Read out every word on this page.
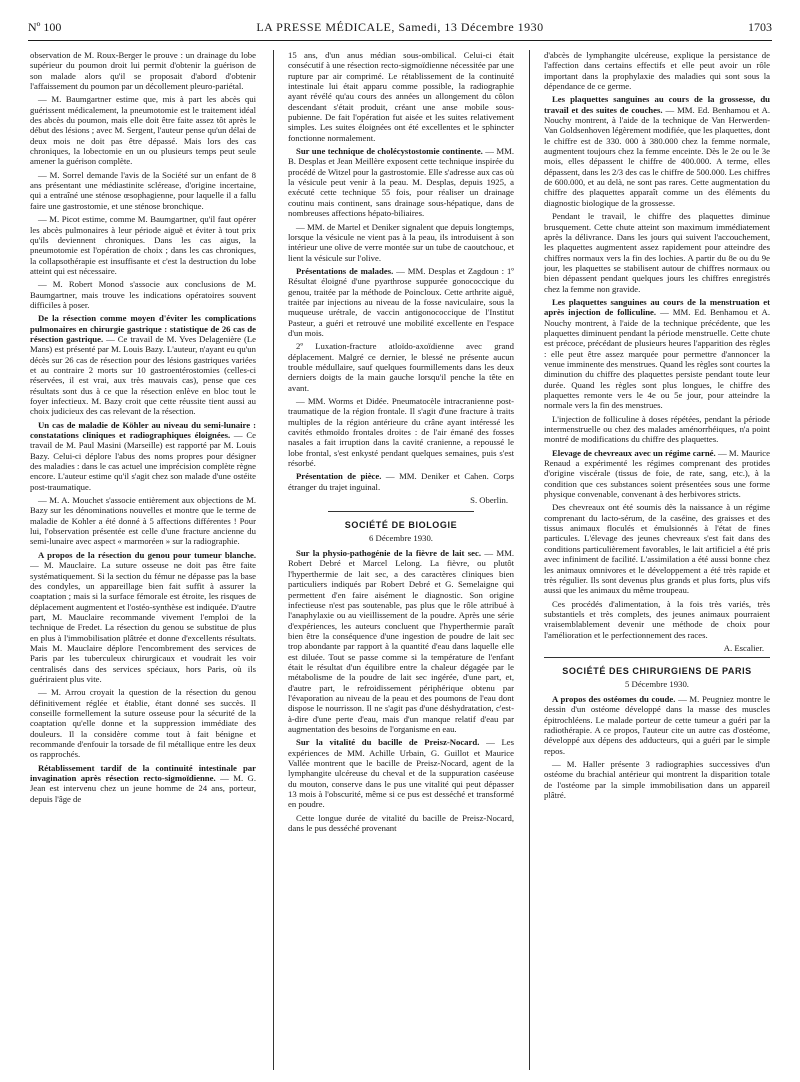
Nº 100	LA PRESSE MÉDICALE, Samedi, 13 Décembre 1930	1703

observation de M. Roux-Berger le prouve : un drainage du lobe supérieur du poumon droit lui permit d'obtenir la guérison de son malade alors qu'il se proposait d'abord d'obtenir l'affaissement du poumon par un décollement pleuro-pariétal.

— M. Baumgartner estime que, mis à part les abcès qui guérissent médicalement, la pneumotomie est le traitement idéal des abcès du poumon, mais elle doit être faite assez tôt après le début des lésions ; avec M. Sergent, l'auteur pense qu'un délai de deux mois ne doit pas être dépassé. Mais lors des cas chroniques, la lobectomie en un ou plusieurs temps peut seule amener la guérison complète.

— M. Sorrel demande l'avis de la Société sur un enfant de 8 ans présentant une médiastinite sclérease, d'origine incertaine, qui a entraîné une sténose œsophagienne, pour laquelle il a fallu faire une gastrostomie, et une sténose bronchique.

— M. Picot estime, comme M. Baumgartner, qu'il faut opérer les abcès pulmonaires à leur période aiguë et éviter à tout prix qu'ils deviennent chroniques. Dans les cas aigus, la pneumotomie est l'opération de choix ; dans les cas chroniques, la collapsothérapie est insuffisante et c'est la destruction du lobe atteint qui est nécessaire.

— M. Robert Monod s'associe aux conclusions de M. Baumgartner, mais trouve les indications opératoires souvent difficiles à poser.

De la résection comme moyen d'éviter les complications pulmonaires en chirurgie gastrique : statistique de 26 cas de résection gastrique. — Ce travail de M. Yves Delagenière (Le Mans) est présenté par M. Louis Bazy. L'auteur, n'ayant eu qu'un décès sur 26 cas de résection pour des lésions gastriques variées et au contraire 2 morts sur 10 gastroentérostomies (celles-ci réservées, il est vrai, aux très mauvais cas), pense que ces résultats sont dus à ce que la résection enlève en bloc tout le foyer infectieux. M. Bazy croit que cette réussite tient aussi au choix judicieux des cas relevant de la résection.

Un cas de maladie de Köhler au niveau du semi-lunaire : constatations cliniques et radiographiques éloignées. — Ce travail de M. Paul Masini (Marseille) est rapporté par M. Louis Bazy. Celui-ci déplore l'abus des noms propres pour désigner des maladies : dans le cas actuel une imprécision complète règne encore. L'auteur estime qu'il s'agit chez son malade d'une ostéite post-traumatique.

— M. A. Mouchet s'associe entièrement aux objections de M. Bazy sur les dénominations nouvelles et montre que le terme de maladie de Kohler a été donné à 5 affections différentes ! Pour lui, l'observation présentée est celle d'une fracture ancienne du semi-lunaire avec aspect « marmoréen » sur la radiographie.

A propos de la résection du genou pour tumeur blanche. — M. Mauclaire. La suture osseuse ne doit pas être faite systématiquement. Si la section du fémur ne dépasse pas la base des condyles, un appareillage bien fait suffit à assurer la coaptation ; mais si la surface fémorale est étroite, les risques de déplacement augmentent et l'ostéo-synthèse est indiquée. D'autre part, M. Mauclaire recommande vivement l'emploi de la technique de Fredet. La résection du genou se substitue de plus en plus à l'immobilisation plâtrée et donne d'excellents résultats. Mais M. Mauclaire déplore l'encombrement des services de Paris par les tuberculeux chirurgicaux et voudrait les voir centralisés dans des services spéciaux, hors Paris, où ils guériraient plus vite.

— M. Arrou croyait la question de la résection du genou définitivement réglée et établie, étant donné ses succès. Il conseille formellement la suture osseuse pour la sécurité de la coaptation qu'elle donne et la suppression immédiate des douleurs. Il la considère comme tout à fait bénigne et recommande d'enfouir la torsade de fil métallique entre les deux os rapprochés.

Rétablissement tardif de la continuité intestinale par invagination après résection recto-sigmoïdienne. — M. G. Jean est intervenu chez un jeune homme de 24 ans, porteur, depuis l'âge de

15 ans, d'un anus médian sous-ombilical. Celui-ci était consécutif à une résection recto-sigmoïdienne nécessitée par une rupture par air comprimé. Le rétablissement de la continuité intestinale lui était apparu comme possible, la radiographie ayant révélé qu'au cours des années un allongement du côlon descendant s'était produit, créant une anse mobile sous-pubienne. De fait l'opération fut aisée et les suites relativement simples. Les suites éloignées ont été excellentes et le sphincter fonctionne normalement.

Sur une technique de cholécystostomie continente. — MM. B. Desplas et Jean Meillère exposent cette technique inspirée du procédé de Witzel pour la gastrostomie. Elle s'adresse aux cas où la vésicule peut venir à la peau. M. Desplas, depuis 1925, a exécuté cette technique 55 fois, pour réaliser un drainage coutinu mais continent, sans drainage sous-hépatique, dans de nombreuses affections hépato-biliaires.

— MM. de Martel et Deniker signalent que depuis longtemps, lorsque la vésicule ne vient pas à la peau, ils introduisent à son intérieur une olive de verre montée sur un tube de caoutchouc, et lient la vésicule sur l'olive.

Présentations de malades. — MM. Desplas et Zagdoun : 1º Résultat éloigné d'une pyarthrose suppurée gonococcique du genou, traitée par la méthode de Poincloux. Cette arthrite aiguë, traitée par injections au niveau de la fosse naviculaire, sous la muqueuse urétrale, de vaccin antigonococcique de l'Institut Pasteur, a guéri et retrouvé une mobilité excellente en l'espace d'un mois.

2º Luxation-fracture atloïdo-axoïdienne avec grand déplacement. Malgré ce dernier, le blessé ne présente aucun trouble médullaire, sauf quelques fourmillements dans les deux derniers doigts de la main gauche lorsqu'il penche la tête en avant.

— MM. Worms et Didée. Pneumatocèle intracranienne post-traumatique de la région frontale. Il s'agit d'une fracture à traits multiples de la région antérieure du crâne ayant intéressé les cavités ethmoïdo frontales droites : de l'air émané des fosses nasales a fait irruption dans la cavité cranienne, a repoussé le lobe frontal, s'est enkysté pendant quelques semaines, puis s'est résorbé.

Présentation de pièce. — MM. Deniker et Cahen. Corps étranger du trajet inguinal.

S. Oberlin.

SOCIÉTÉ DE BIOLOGIE

6 Décembre 1930.

Sur la physio-pathogénie de la fièvre de lait sec. — MM. Robert Debré et Marcel Lelong. La fièvre, ou plutôt l'hyperthermie de lait sec, a des caractères cliniques bien particuliers indiqués par Robert Debré et G. Semelaigne qui permettent d'en faire aisément le diagnostic. Son origine infectieuse n'est pas soutenable, pas plus que le rôle attribué à l'anaphylaxie ou au vieillissement de la poudre. Après une série d'expériences, les auteurs concluent que l'hyperthermie paraît bien être la conséquence d'une ingestion de poudre de lait sec trop abondante par rapport à la quantité d'eau dans laquelle elle est diluée. Tout se passe comme si la température de l'enfant était le résultat d'un équilibre entre la chaleur dégagée par le métabolisme de la poudre de lait sec ingérée, d'une part, et, d'autre part, le refroidissement périphérique obtenu par l'évaporation au niveau de la peau et des poumons de l'eau dont dispose le nourrisson. Il ne s'agit pas d'une déshydratation, c'est-à-dire d'une perte d'eau, mais d'un manque relatif d'eau par augmentation des besoins de l'organisme en eau.

Sur la vitalité du bacille de Preisz-Nocard. — Les expériences de MM. Achille Urbain, G. Guillot et Maurice Vallée montrent que le bacille de Preisz-Nocard, agent de la lymphangite ulcéreuse du cheval et de la suppuration caséeuse du mouton, conserve dans le pus une vitalité qui peut dépasser 13 mois à l'obscurité, même si ce pus est desséché et transformé en poudre.

Cette longue durée de vitalité du bacille de Preisz-Nocard, dans le pus desséché provenant

d'abcès de lymphangite ulcéreuse, explique la persistance de l'affection dans certains effectifs et elle peut avoir un rôle important dans la prophylaxie des maladies qui sont sous la dépendance de ce germe.

Les plaquettes sanguines au cours de la grossesse, du travail et des suites de couches. — MM. Ed. Benhamou et A. Nouchy montrent, à l'aide de la technique de Van Herwerden-Van Goldsenhoven légèrement modifiée, que les plaquettes, dont le chiffre est de 330. 000 à 380.000 chez la femme normale, augmentent toujours chez la femme enceinte. Dès le 2e ou le 3e mois, elles dépassent le chiffre de 400.000. A terme, elles dépassent, dans les 2/3 des cas le chiffre de 500.000. Les chiffres de 600.000, et au delà, ne sont pas rares. Cette augmentation du chiffre des plaquettes apparaît comme un des éléments du diagnostic biologique de la grossesse.

Pendant le travail, le chiffre des plaquettes diminue brusquement. Cette chute atteint son maximum immédiatement après la délivrance. Dans les jours qui suivent l'accouchement, les plaquettes augmentent assez rapidement pour atteindre des chiffres normaux vers la fin des lochies. A partir du 8e ou du 9e jour, les plaquettes se stabilisent autour de chiffres normaux ou bien dépassent pendant quelques jours les chiffres enregistrés chez la femme non gravide.

Les plaquettes sanguines au cours de la menstruation et après injection de folliculine. — MM. Ed. Benhamou et A. Nouchy montrent, à l'aide de la technique précédente, que les plaquettes diminuent pendant la période menstruelle. Cette chute est précoce, précédant de plusieurs heures l'apparition des règles : elle peut être assez marquée pour permettre d'annoncer la venue imminente des menstrues. Quand les règles sont courtes la diminution du chiffre des plaquettes persiste pendant toute leur durée. Quand les règles sont plus longues, le chiffre des plaquettes remonte vers le 4e ou 5e jour, pour atteindre la normale vers la fin des menstrues.

L'injection de folliculine à doses répétées, pendant la période intermenstruelle ou chez des malades aménorrhéiques, n'a point montré de modifications du chiffre des plaquettes.

Elevage de chevreaux avec un régime carné. — M. Maurice Renaud a expérimenté les régimes comprenant des protides d'origine viscérale (tissus de foie, de rate, sang, etc.), à la condition que ces substances soient présentées sous une forme physique convenable, convenant à des herbivores stricts.

Des chevreaux ont été soumis dès la naissance à un régime comprenant du lacto-sérum, de la caséine, des graisses et des tissus animaux floculés et émulsionnés à l'état de fines particules. L'élevage des jeunes chevreaux s'est fait dans des conditions particulièrement favorables, le lait artificiel a été pris avec infiniment de facilité. L'assimilation a été aussi bonne chez les animaux omnivores et le développement a été très rapide et très régulier. Ils sont devenus plus grands et plus forts, plus vifs aussi que les animaux du même troupeau.

Ces procédés d'alimentation, à la fois très variés, très substantiels et très complets, des jeunes animaux pourraient vraisemblablement devenir une méthode de choix pour l'amélioration et le perfectionnement des races.

A. Escalier.

SOCIÉTÉ DES CHIRURGIENS DE PARIS

5 Décembre 1930.

A propos des ostéomes du coude. — M. Peugniez montre le dessin d'un ostéome développé dans la masse des muscles épitrochléens. Le malade porteur de cette tumeur a guéri par la radiothérapie. A ce propos, l'auteur cite un autre cas d'ostéome, développé aux dépens des adducteurs, qui a guéri par le simple repos.

— M. Haller présente 3 radiographies successives d'un ostéome du brachial antérieur qui montrent la disparition totale de l'ostéome par la simple immobilisation dans un appareil plâtré.
